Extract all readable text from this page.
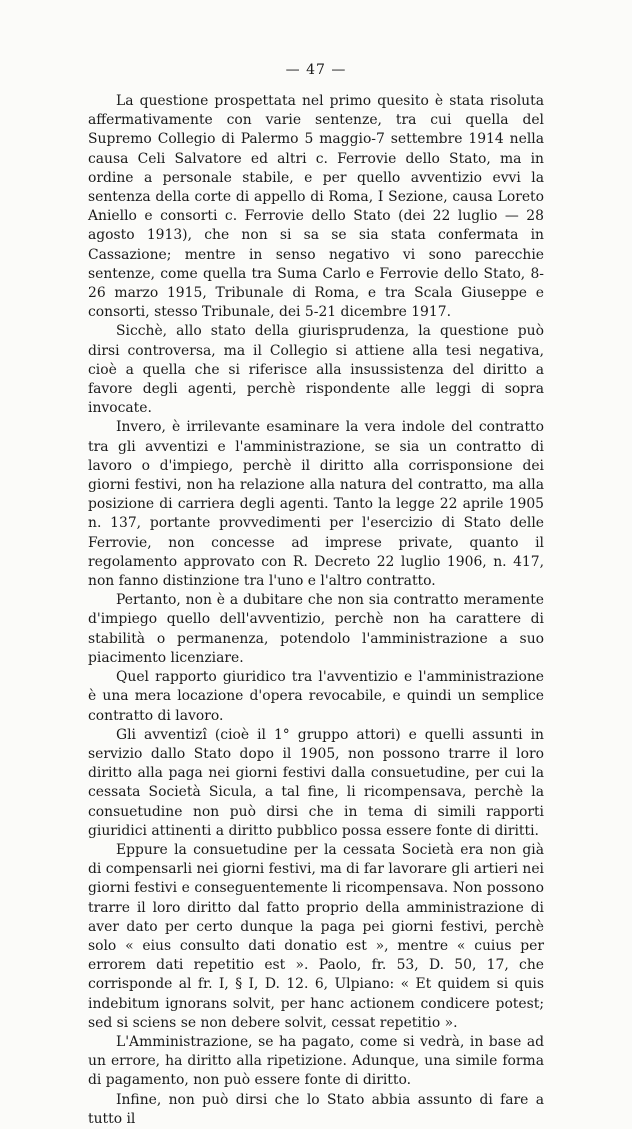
— 47 —

La questione prospettata nel primo quesito è stata risoluta affermativamente con varie sentenze, tra cui quella del Supremo Collegio di Palermo 5 maggio-7 settembre 1914 nella causa Celi Salvatore ed altri c. Ferrovie dello Stato, ma in ordine a personale stabile, e per quello avventizio evvi la sentenza della corte di appello di Roma, I Sezione, causa Loreto Aniello e consorti c. Ferrovie dello Stato (dei 22 luglio — 28 agosto 1913), che non si sa se sia stata confermata in Cassazione; mentre in senso negativo vi sono parecchie sentenze, come quella tra Suma Carlo e Ferrovie dello Stato, 8-26 marzo 1915, Tribunale di Roma, e tra Scala Giuseppe e consorti, stesso Tribunale, dei 5-21 dicembre 1917.

Sicchè, allo stato della giurisprudenza, la questione può dirsi controversa, ma il Collegio si attiene alla tesi negativa, cioè a quella che si riferisce alla insussistenza del diritto a favore degli agenti, perchè rispondente alle leggi di sopra invocate.

Invero, è irrilevante esaminare la vera indole del contratto tra gli avventizi e l'amministrazione, se sia un contratto di lavoro o d'impiego, perchè il diritto alla corrisponsione dei giorni festivi, non ha relazione alla natura del contratto, ma alla posizione di carriera degli agenti. Tanto la legge 22 aprile 1905 n. 137, portante provvedimenti per l'esercizio di Stato delle Ferrovie, non concesse ad imprese private, quanto il regolamento approvato con R. Decreto 22 luglio 1906, n. 417, non fanno distinzione tra l'uno e l'altro contratto.

Pertanto, non è a dubitare che non sia contratto meramente d'impiego quello dell'avventizio, perchè non ha carattere di stabilità o permanenza, potendolo l'amministrazione a suo piacimento licenziare.

Quel rapporto giuridico tra l'avventizio e l'amministrazione è una mera locazione d'opera revocabile, e quindi un semplice contratto di lavoro.

Gli avventizî (cioè il 1° gruppo attori) e quelli assunti in servizio dallo Stato dopo il 1905, non possono trarre il loro diritto alla paga nei giorni festivi dalla consuetudine, per cui la cessata Società Sicula, a tal fine, li ricompensava, perchè la consuetudine non può dirsi che in tema di simili rapporti giuridici attinenti a diritto pubblico possa essere fonte di diritti.

Eppure la consuetudine per la cessata Società era non già di compensarli nei giorni festivi, ma di far lavorare gli artieri nei giorni festivi e conseguentemente li ricompensava. Non possono trarre il loro diritto dal fatto proprio della amministrazione di aver dato per certo dunque la paga pei giorni festivi, perchè solo « eius consulto dati donatio est », mentre « cuius per errorem dati repetitio est ». Paolo, fr. 53, D. 50, 17, che corrisponde al fr. I, § I, D. 12. 6, Ulpiano: « Et quidem si quis indebitum ignorans solvit, per hanc actionem condicere potest; sed si sciens se non debere solvit, cessat repetitio ».

L'Amministrazione, se ha pagato, come si vedrà, in base ad un errore, ha diritto alla ripetizione. Adunque, una simile forma di pagamento, non può essere fonte di diritto.

Infine, non può dirsi che lo Stato abbia assunto di fare a tutto il
